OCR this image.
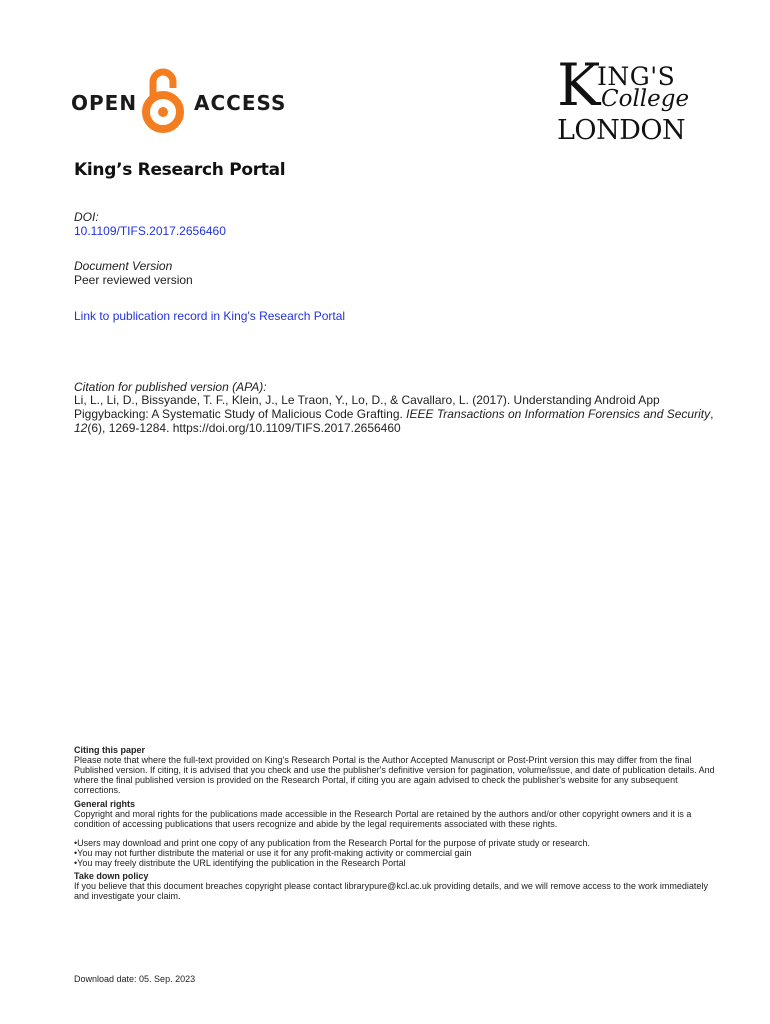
OPEN	ACCESS	K
ING'S
College
LONDON
King’s Research Portal
DOI:
10.1109/TIFS.2017.2656460
Document Version
Peer reviewed version
Link to publication record in King's Research Portal
Citation for published version (APA):
Li, L., Li, D., Bissyande, T. F., Klein, J., Le Traon, Y., Lo, D., & Cavallaro, L. (2017). Understanding Android App Piggybacking: A Systematic Study of Malicious Code Grafting. IEEE Transactions on Information Forensics and Security, 12(6), 1269-1284. https://doi.org/10.1109/TIFS.2017.2656460
Citing this paper
Please note that where the full-text provided on King's Research Portal is the Author Accepted Manuscript or Post-Print version this may differ from the final Published version. If citing, it is advised that you check and use the publisher's definitive version for pagination, volume/issue, and date of publication details. And where the final published version is provided on the Research Portal, if citing you are again advised to check the publisher's website for any subsequent corrections.
General rights
Copyright and moral rights for the publications made accessible in the Research Portal are retained by the authors and/or other copyright owners and it is a condition of accessing publications that users recognize and abide by the legal requirements associated with these rights.
•Users may download and print one copy of any publication from the Research Portal for the purpose of private study or research.
•You may not further distribute the material or use it for any profit-making activity or commercial gain
•You may freely distribute the URL identifying the publication in the Research Portal
Take down policy
If you believe that this document breaches copyright please contact librarypure@kcl.ac.uk providing details, and we will remove access to the work immediately and investigate your claim.
Download date: 05. Sep. 2023
